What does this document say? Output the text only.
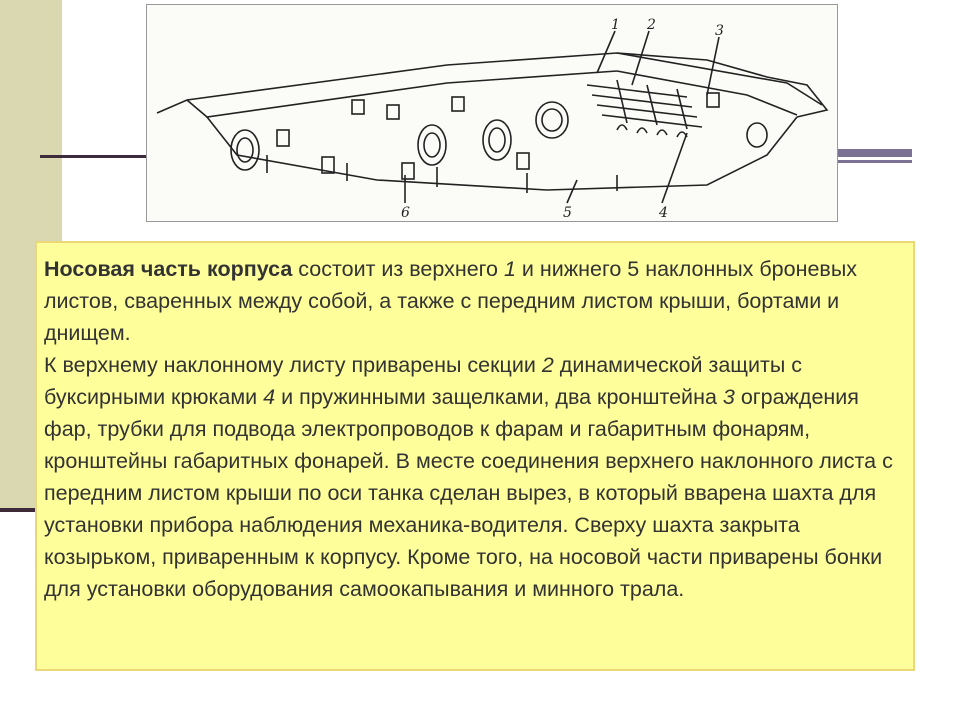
1 2	3
4
5
6

Носовая часть корпуса состоит из верхнего 1 и нижнего 5 наклонных броневых листов, сваренных между собой, а также с передним листом крыши, бортами и днищем.

К верхнему наклонному листу приварены секции 2 динамической защиты с буксирными крюками 4 и пружинными защелками, два кронштейна 3 ограждения фар, трубки для подвода электропроводов к фарам и габаритным фонарям, кронштейны габаритных фонарей. В месте соединения верхнего наклонного листа с передним листом крыши по оси танка сделан вырез, в который вварена шахта для установки прибора наблюдения механика-водителя. Сверху шахта закрыта козырьком, приваренным к корпусу. Кроме того, на носовой части приварены бонки для установки оборудования самоокапывания и минного трала.
